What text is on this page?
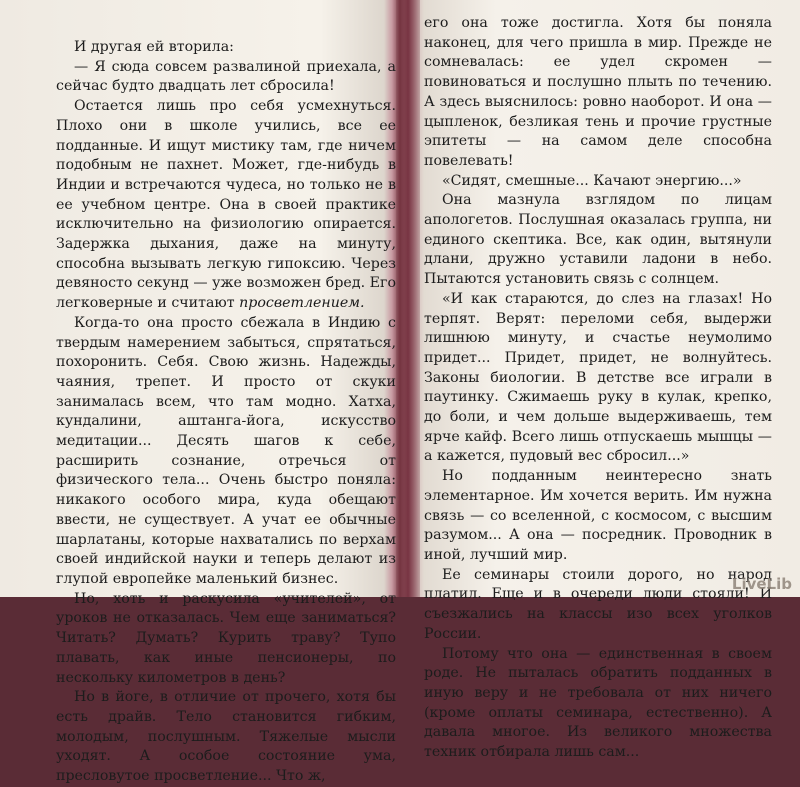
И другая ей вторила:

— Я сюда совсем развалиной приехала, а сейчас будто двадцать лет сбросила!

Остается лишь про себя усмехнуться. Плохо они в школе учились, все ее подданные. И ищут мистику там, где ничем подобным не пахнет. Может, где-нибудь в Индии и встречаются чудеса, но только не в ее учебном центре. Она в своей практике исключительно на физиологию опирается. Задержка дыхания, даже на минуту, способна вызывать легкую гипоксию. Через девяносто секунд — уже возможен бред. Его легковерные и считают просветлением.

Когда-то она просто сбежала в Индию с твердым намерением забыться, спрятаться, похоронить. Себя. Свою жизнь. Надежды, чаяния, трепет. И просто от скуки занималась всем, что там модно. Хатха, кундалини, аштанга-йога, искусство медитации... Десять шагов к себе, расширить сознание, отречься от физического тела... Очень быстро поняла: никакого особого мира, куда обещают ввести, не существует. А учат ее обычные шарлатаны, которые нахватались по верхам своей индийской науки и теперь делают из глупой европейке маленький бизнес.

Но, хоть и раскусила «учителей», от уроков не отказалась. Чем еще заниматься? Читать? Думать? Курить траву? Тупо плавать, как иные пенсионеры, по нескольку километров в день?

Но в йоге, в отличие от прочего, хотя бы есть драйв. Тело становится гибким, молодым, послушным. Тяжелые мысли уходят. А особое состояние ума, пресловутое просветление... Что ж,

его она тоже достигла. Хотя бы поняла наконец, для чего пришла в мир. Прежде не сомневалась: ее удел скромен — повиноваться и послушно плыть по течению. А здесь выяснилось: ровно наоборот. И она — цыпленок, безликая тень и прочие грустные эпитеты — на самом деле способна повелевать!

«Сидят, смешные... Качают энергию...»

Она мазнула взглядом по лицам апологетов. Послушная оказалась группа, ни единого скептика. Все, как один, вытянули длани, дружно уставили ладони в небо. Пытаются установить связь с солнцем.

«И как стараются, до слез на глазах! Но терпят. Верят: переломи себя, выдержи лишнюю минуту, и счастье неумолимо придет... Придет, придет, не волнуйтесь. Законы биологии. В детстве все играли в паутинку. Сжимаешь руку в кулак, крепко, до боли, и чем дольше выдерживаешь, тем ярче кайф. Всего лишь отпускаешь мышцы — а кажется, пудовый вес сбросил...»

Но подданным неинтересно знать элементарное. Им хочется верить. Им нужна связь — со вселенной, с космосом, с высшим разумом... А она — посредник. Проводник в иной, лучший мир.

Ее семинары стоили дорого, но народ платил. Еще и в очереди люди стояли! И съезжались на классы изо всех уголков России.

Потому что она — единственная в своем роде. Не пыталась обратить подданных в иную веру и не требовала от них ничего (кроме оплаты семинара, естественно). А давала многое. Из великого множества техник отбирала лишь сам...

LiveLib
